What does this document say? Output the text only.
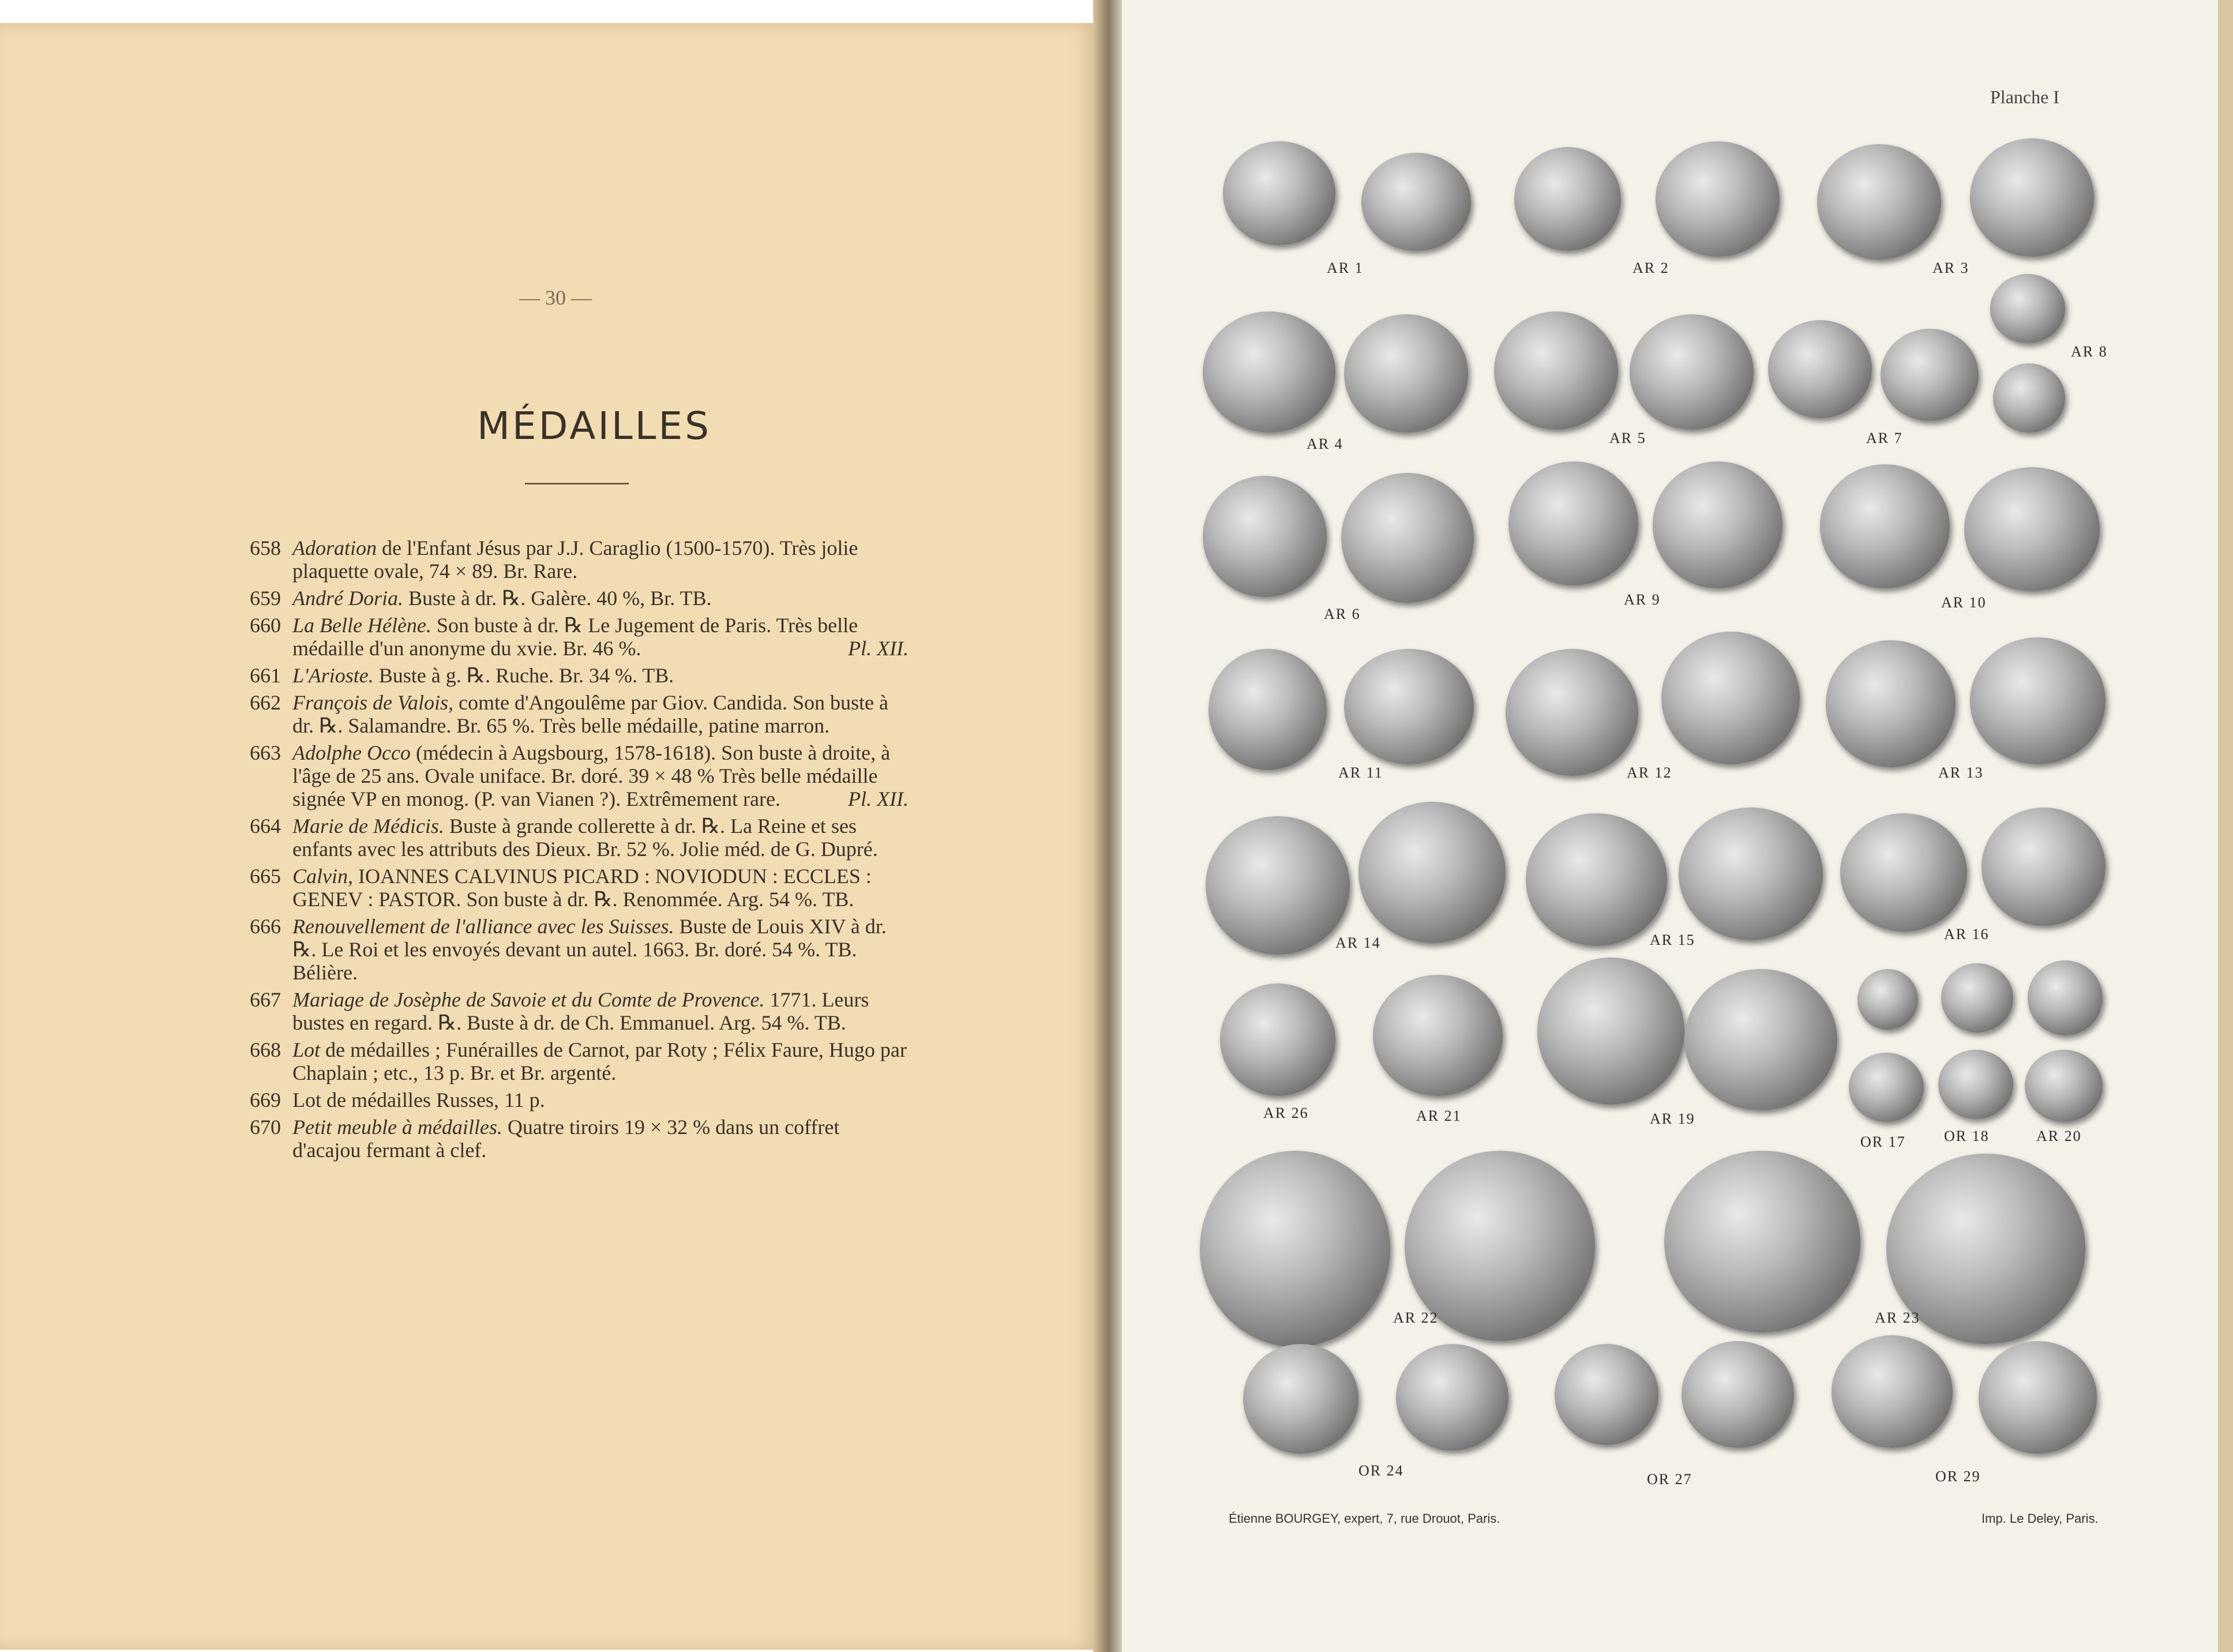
— 30 —
MÉDAILLES
658 Adoration de l'Enfant Jésus par J.J. Caraglio (1500-1570). Très jolie plaquette ovale, 74 × 89. Br. Rare.
659 André Doria. Buste à dr. ℞. Galère. 40 %, Br. TB.
660 La Belle Hélène. Son buste à dr. ℞ Le Jugement de Paris. Très belle médaille d'un anonyme du xvie. Br. 46 %.	Pl. XII.
661 L'Arioste. Buste à g. ℞. Ruche. Br. 34 %. TB.
662 François de Valois, comte d'Angoulême par Giov. Candida. Son buste à dr. ℞. Salamandre. Br. 65 %. Très belle médaille, patine marron.
663 Adolphe Occo (médecin à Augsbourg, 1578-1618). Son buste à droite, à l'âge de 25 ans. Ovale uniface. Br. doré. 39 × 48 % Très belle médaille signée VP en monog. (P. van Vianen ?). Extrêmement rare.	Pl. XII.
664 Marie de Médicis. Buste à grande collerette à dr. ℞. La Reine et ses enfants avec les attributs des Dieux. Br. 52 %. Jolie méd. de G. Dupré.
665 Calvin, IOANNES CALVINUS PICARD : NOVIODUN : ECCLES : GENEV : PASTOR. Son buste à dr. ℞. Renommée. Arg. 54 %. TB.
666 Renouvellement de l'alliance avec les Suisses. Buste de Louis XIV à dr. ℞. Le Roi et les envoyés devant un autel. 1663. Br. doré. 54 %. TB. Bélière.
667 Mariage de Josèphe de Savoie et du Comte de Provence. 1771. Leurs bustes en regard. ℞. Buste à dr. de Ch. Emmanuel. Arg. 54 %. TB.
668 Lot de médailles ; Funérailles de Carnot, par Roty ; Félix Faure, Hugo par Chaplain ; etc., 13 p. Br. et Br. argenté.
669 Lot de médailles Russes, 11 p.
670 Petit meuble à médailles. Quatre tiroirs 19 × 32 % dans un coffret d'acajou fermant à clef.
Planche I
AR 1	AR 2	AR 3
AR 4	AR 5	AR 7
AR 8
AR 6
AR 9	AR 10
AR 11	AR 12	AR 13
AR 14	AR 15	AR 16
AR 26	AR 21	AR 19
OR 17	OR 18	AR 20
AR 22	AR 23
OR 24
OR 27	OR 29
Étienne BOURGEY, expert, 7, rue Drouot, Paris.	Imp. Le Deley, Paris.
